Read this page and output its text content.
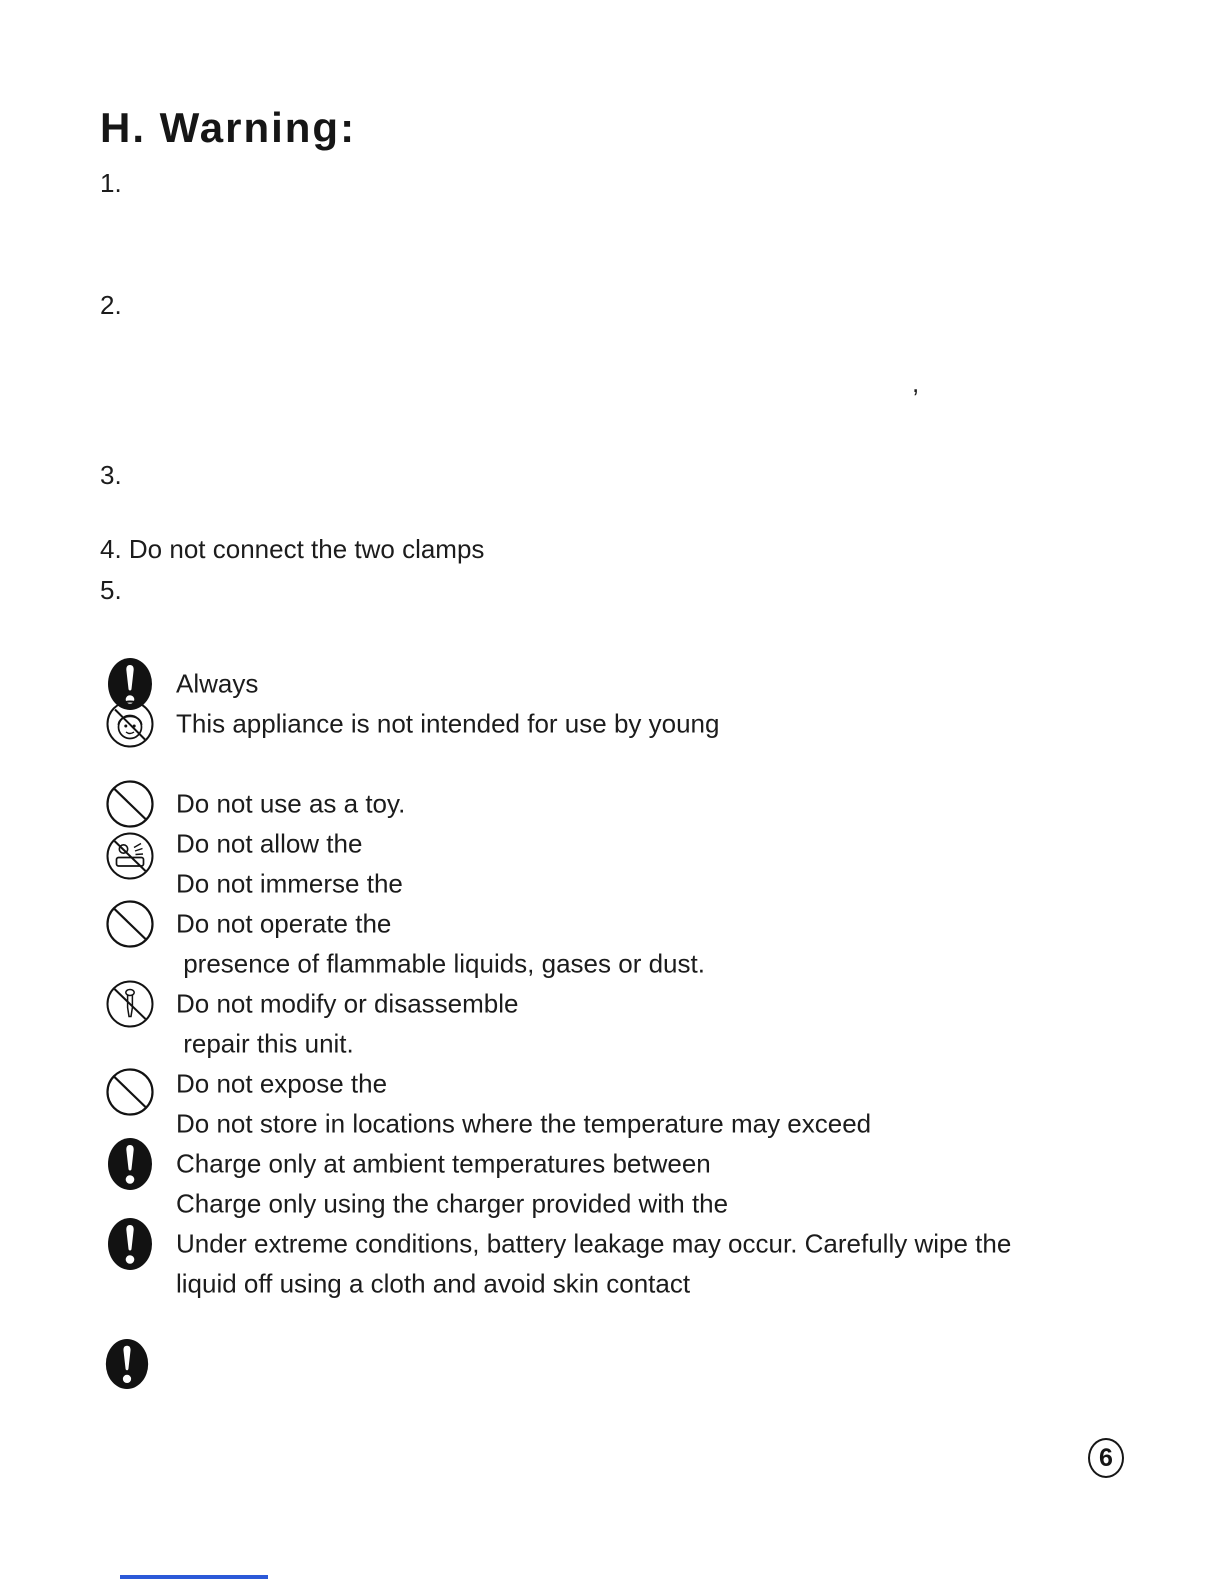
H. Warning:
1.
2.
3.
4. Do not connect the two clamps
5.
,
Always
This appliance is not intended for use by young
Do not use as a toy.
Do not allow the
Do not immerse the
Do not operate the
presence of flammable liquids, gases or dust.
Do not modify or disassemble
repair this unit.
Do not expose the
Do not store in locations where the temperature may exceed
Charge only at ambient temperatures between
Charge only using the charger provided with the
Under extreme conditions, battery leakage may occur. Carefully wipe the
liquid off using a cloth and avoid skin contact
6
